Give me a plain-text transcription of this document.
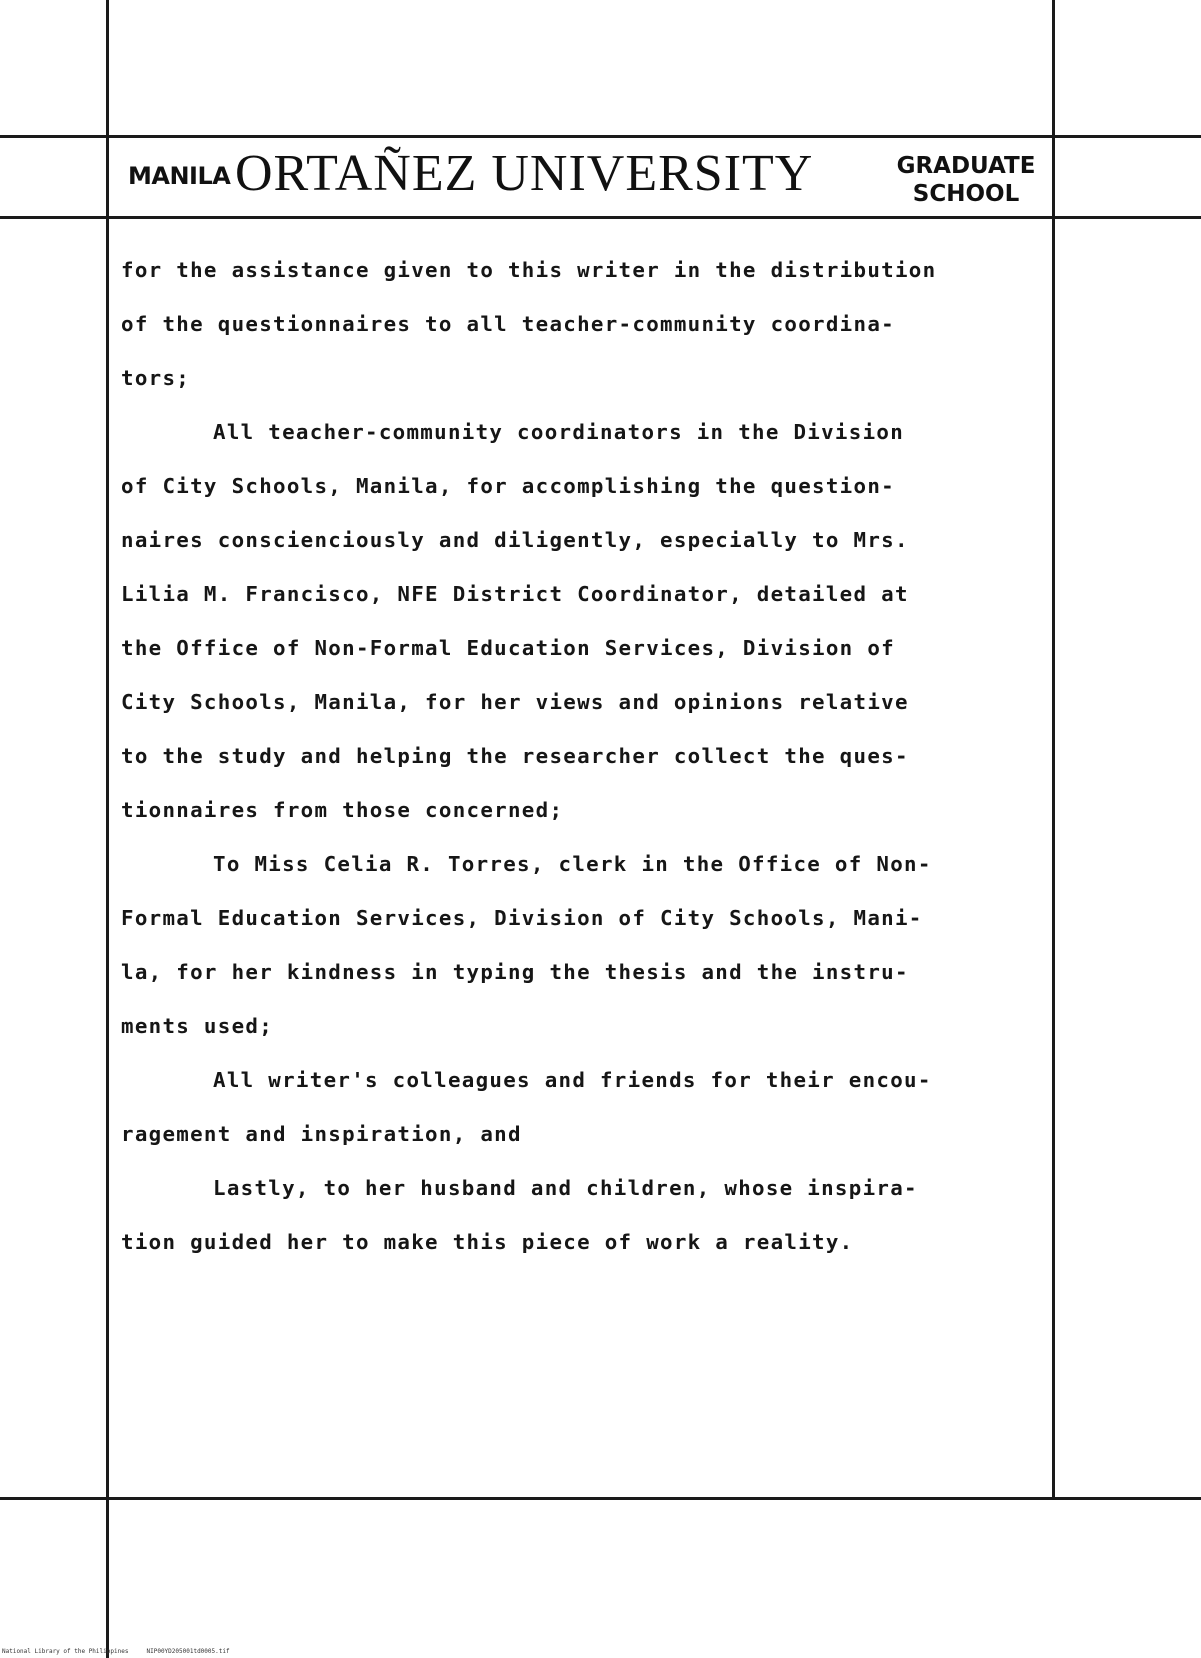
MANILA ORTAÑEZ UNIVERSITY	GRADUATE
SCHOOL
for the assistance given to this writer in the distribution
of the questionnaires to all teacher-community coordina-
tors;
All teacher-community coordinators in the Division
of City Schools, Manila, for accomplishing the question-
naires conscienciously and diligently, especially to Mrs.
Lilia M. Francisco, NFE District Coordinator, detailed at
the Office of Non-Formal Education Services, Division of
City Schools, Manila, for her views and opinions relative
to the study and helping the researcher collect the ques-
tionnaires from those concerned;
To Miss Celia R. Torres, clerk in the Office of Non-
Formal Education Services, Division of City Schools, Mani-
la, for her kindness in typing the thesis and the instru-
ments used;
All writer's colleagues and friends for their encou-
ragement and inspiration, and
Lastly, to her husband and children, whose inspira-
tion guided her to make this piece of work a reality.
National Library of the Philippines     NIP00YD205001td0005.tif
